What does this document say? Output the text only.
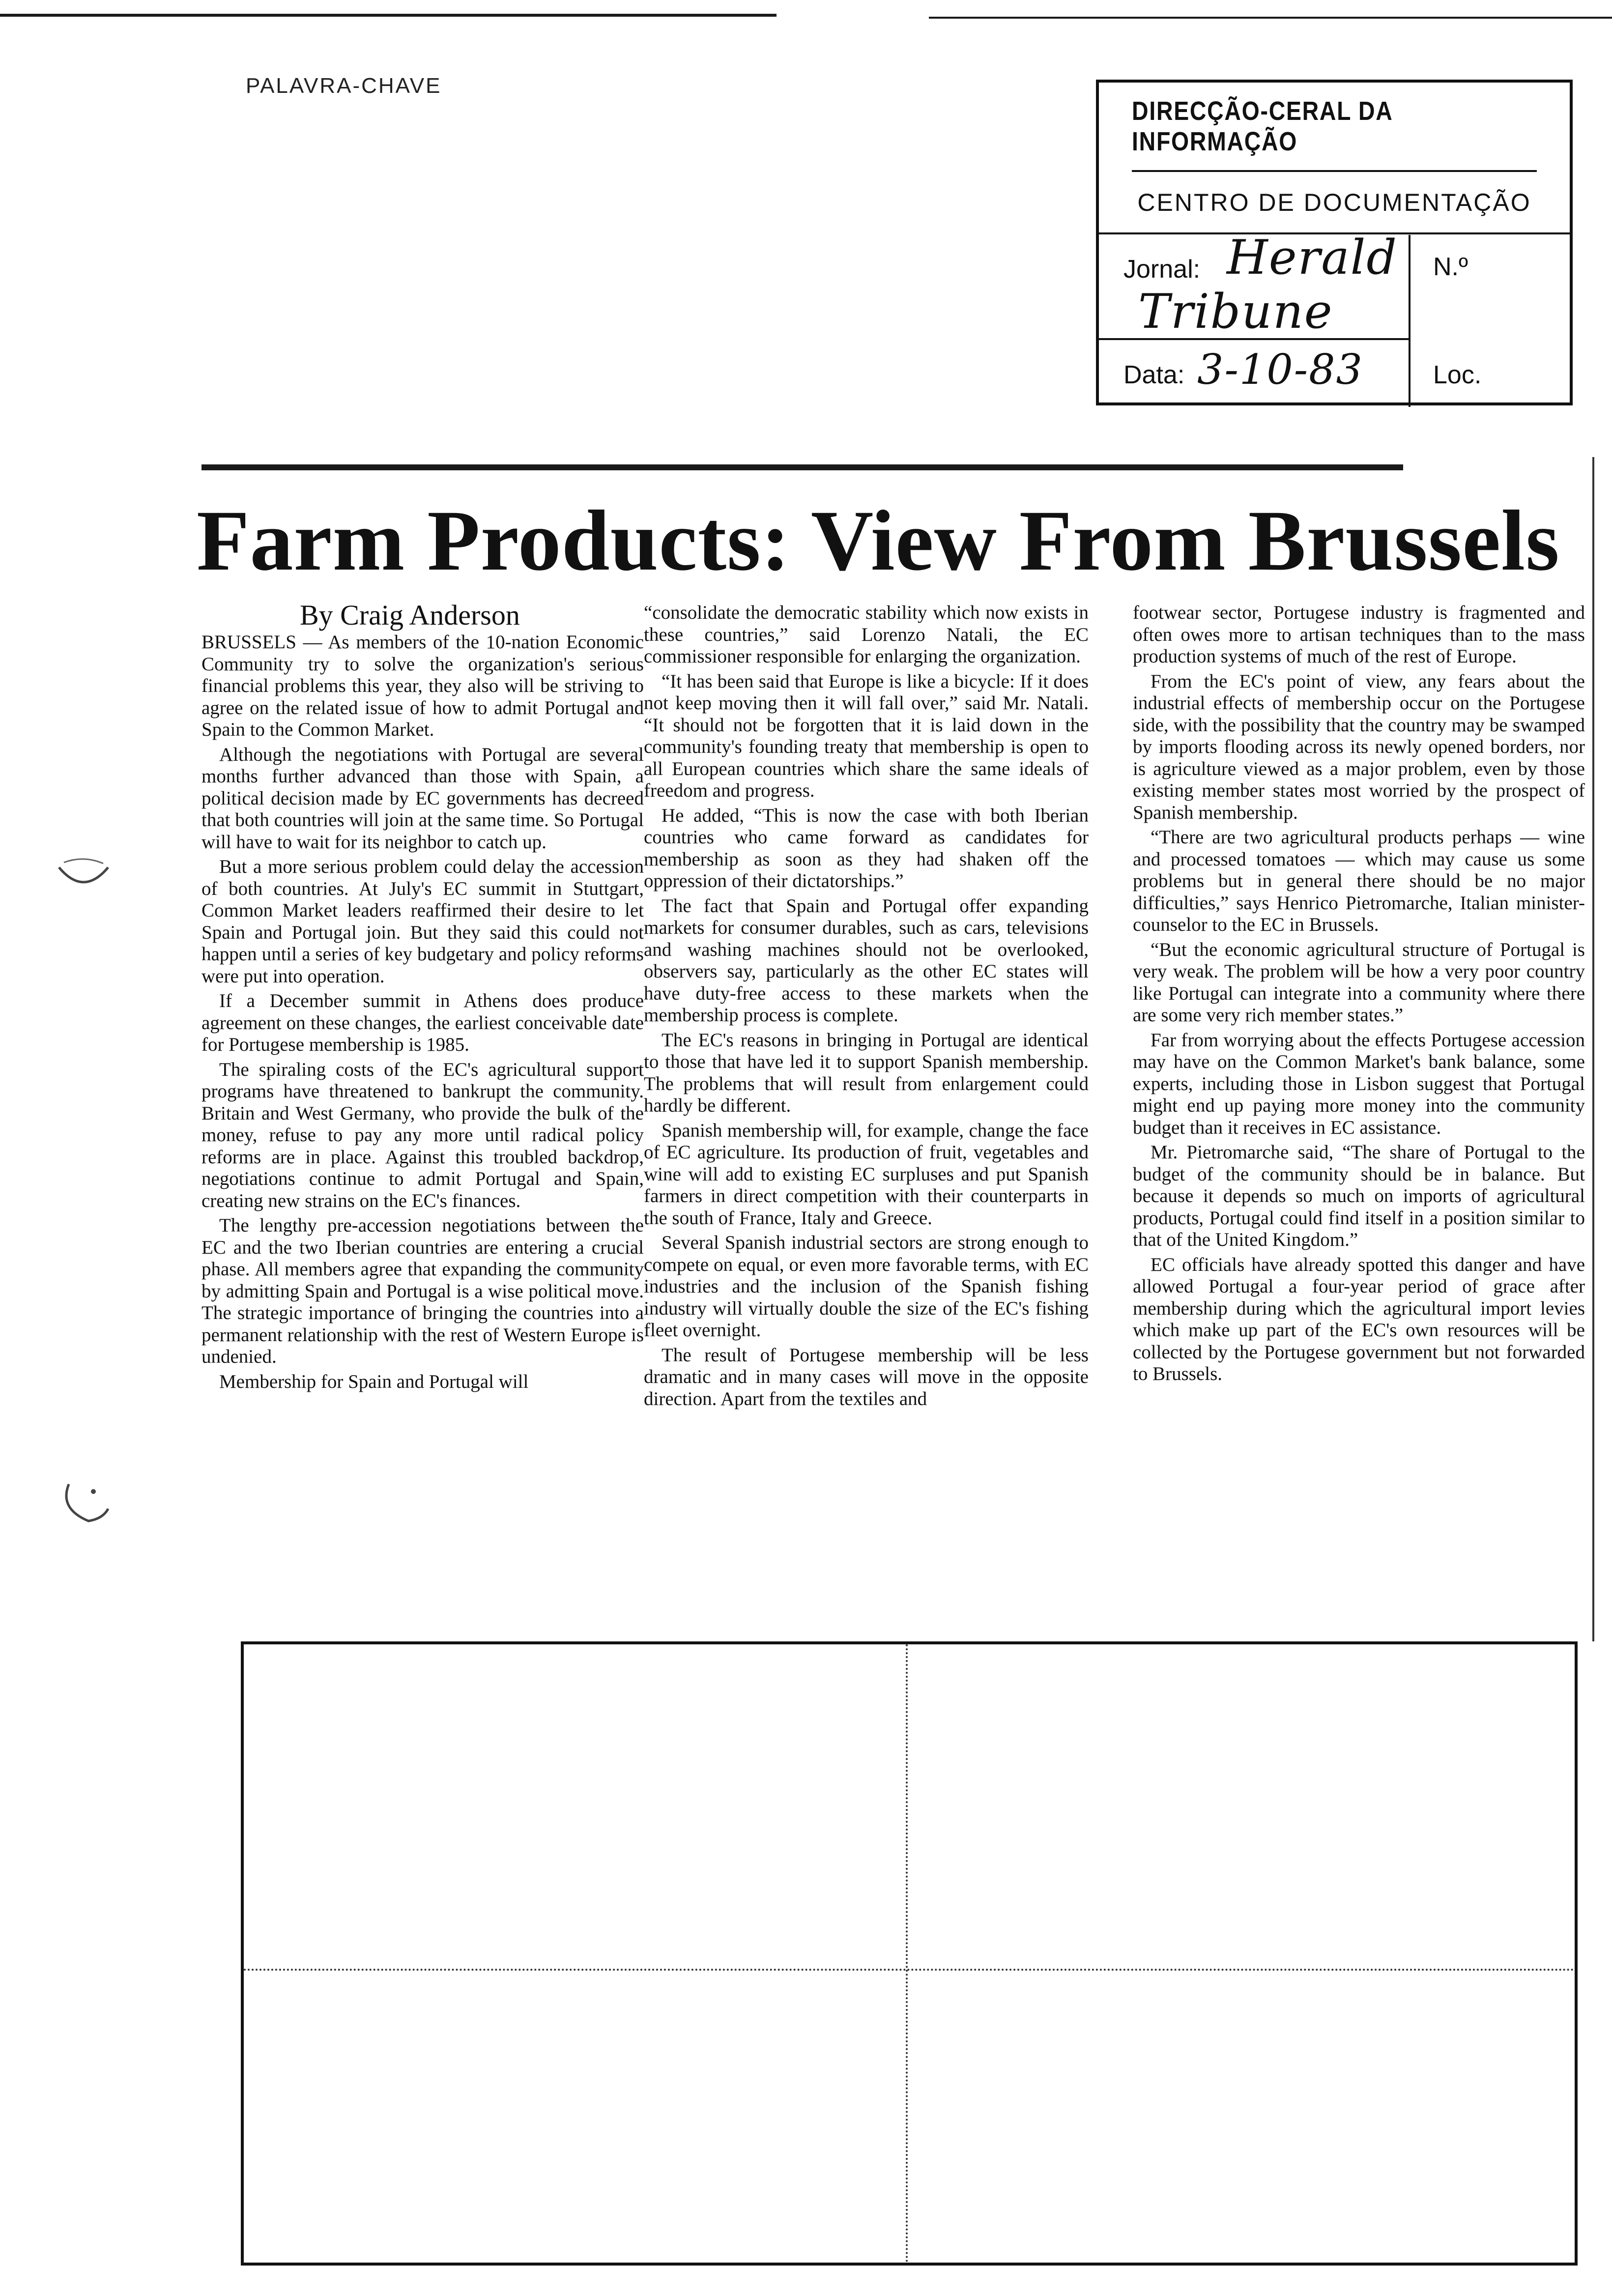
PALAVRA-CHAVE
DIRECÇÃO-CERAL DA INFORMAÇÃO
CENTRO DE DOCUMENTAÇÃO
Jornal: Herald
Tribune
N.º
Data: 3-10-83	Loc.
Farm Products: View From Brussels
By Craig Anderson

BRUSSELS — As members of the 10-nation Economic Community try to solve the organization's serious financial problems this year, they also will be striving to agree on the related issue of how to admit Portugal and Spain to the Common Market.

Although the negotiations with Portugal are several months further advanced than those with Spain, a political decision made by EC governments has decreed that both countries will join at the same time. So Portugal will have to wait for its neighbor to catch up.

But a more serious problem could delay the accession of both countries. At July's EC summit in Stuttgart, Common Market leaders reaffirmed their desire to let Spain and Portugal join. But they said this could not happen until a series of key budgetary and policy reforms were put into operation.

If a December summit in Athens does produce agreement on these changes, the earliest conceivable date for Portugese membership is 1985.

The spiraling costs of the EC's agricultural support programs have threatened to bankrupt the community. Britain and West Germany, who provide the bulk of the money, refuse to pay any more until radical policy reforms are in place. Against this troubled backdrop, negotiations continue to admit Portugal and Spain, creating new strains on the EC's finances.

The lengthy pre-accession negotiations between the EC and the two Iberian countries are entering a crucial phase. All members agree that expanding the community by admitting Spain and Portugal is a wise political move. The strategic importance of bringing the countries into a permanent relationship with the rest of Western Europe is undenied.

Membership for Spain and Portugal will

“consolidate the democratic stability which now exists in these countries,” said Lorenzo Natali, the EC commissioner responsible for enlarging the organization.

“It has been said that Europe is like a bicycle: If it does not keep moving then it will fall over,” said Mr. Natali. “It should not be forgotten that it is laid down in the community's founding treaty that membership is open to all European countries which share the same ideals of freedom and progress.

He added, “This is now the case with both Iberian countries who came forward as candidates for membership as soon as they had shaken off the oppression of their dictatorships.”

The fact that Spain and Portugal offer expanding markets for consumer durables, such as cars, televisions and washing machines should not be overlooked, observers say, particularly as the other EC states will have duty-free access to these markets when the membership process is complete.

The EC's reasons in bringing in Portugal are identical to those that have led it to support Spanish membership. The problems that will result from enlargement could hardly be different.

Spanish membership will, for example, change the face of EC agriculture. Its production of fruit, vegetables and wine will add to existing EC surpluses and put Spanish farmers in direct competition with their counterparts in the south of France, Italy and Greece.

Several Spanish industrial sectors are strong enough to compete on equal, or even more favorable terms, with EC industries and the inclusion of the Spanish fishing industry will virtually double the size of the EC's fishing fleet overnight.

The result of Portugese membership will be less dramatic and in many cases will move in the opposite direction. Apart from the textiles and

footwear sector, Portugese industry is fragmented and often owes more to artisan techniques than to the mass production systems of much of the rest of Europe.

From the EC's point of view, any fears about the industrial effects of membership occur on the Portugese side, with the possibility that the country may be swamped by imports flooding across its newly opened borders, nor is agriculture viewed as a major problem, even by those existing member states most worried by the prospect of Spanish membership.

“There are two agricultural products perhaps — wine and processed tomatoes — which may cause us some problems but in general there should be no major difficulties,” says Henrico Pietromarche, Italian minister-counselor to the EC in Brussels.

“But the economic agricultural structure of Portugal is very weak. The problem will be how a very poor country like Portugal can integrate into a community where there are some very rich member states.”

Far from worrying about the effects Portugese accession may have on the Common Market's bank balance, some experts, including those in Lisbon suggest that Portugal might end up paying more money into the community budget than it receives in EC assistance.

Mr. Pietromarche said, “The share of Portugal to the budget of the community should be in balance. But because it depends so much on imports of agricultural products, Portugal could find itself in a position similar to that of the United Kingdom.”

EC officials have already spotted this danger and have allowed Portugal a four-year period of grace after membership during which the agricultural import levies which make up part of the EC's own resources will be collected by the Portugese government but not forwarded to Brussels.
